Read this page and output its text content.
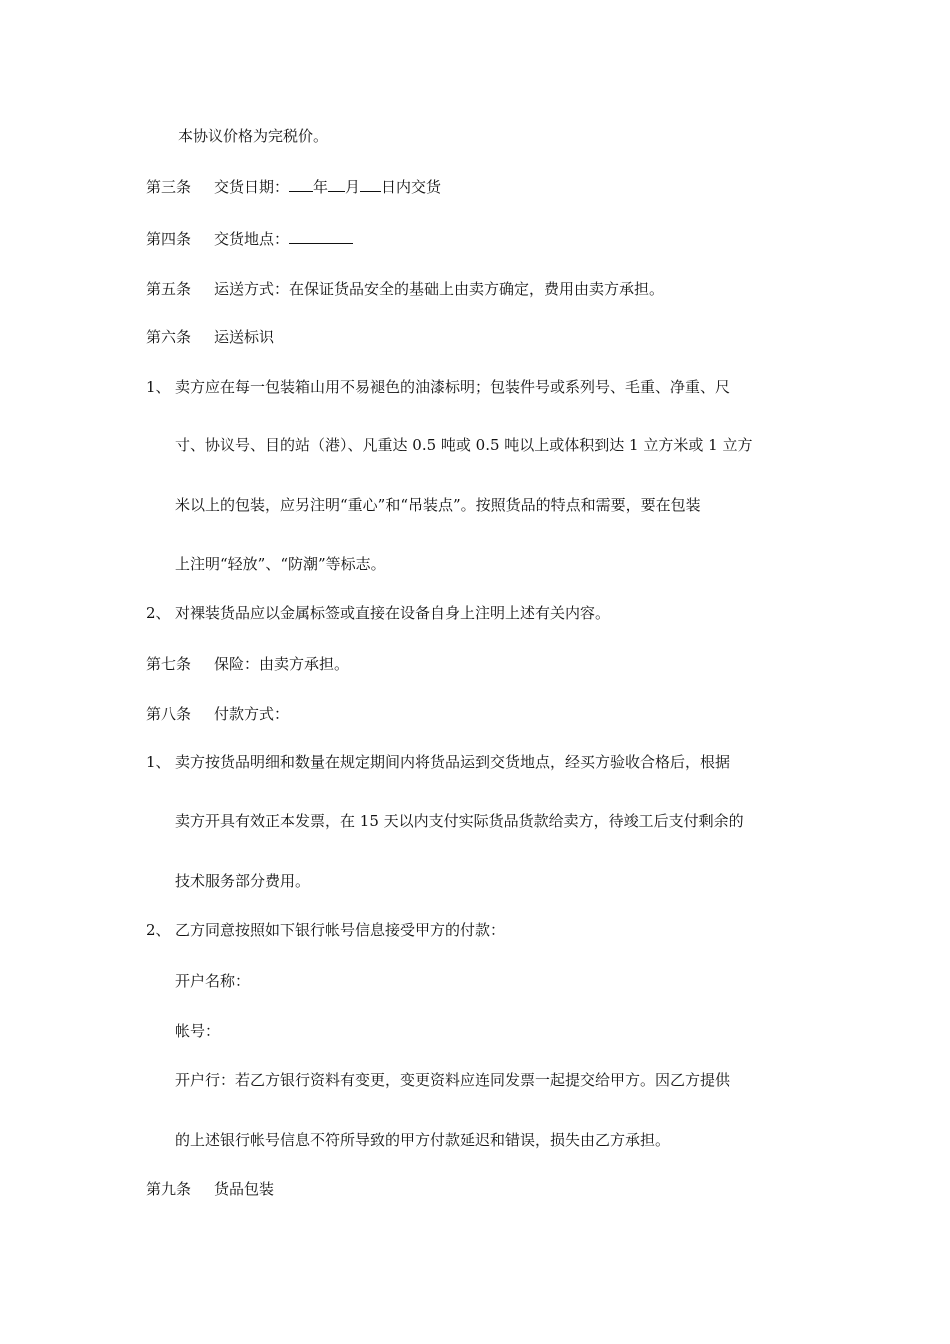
本协议价格为完税价。
第三条 交货日期： 年 月 日内交货
第四条 交货地点：
第五条 运送方式：在保证货品安全的基础上由卖方确定，费用由卖方承担。
第六条 运送标识
1、 卖方应在每一包装箱山用不易褪色的油漆标明；包装件号或系列号、毛重、净重、尺
寸、协议号、目的站（港）、凡重达 0.5 吨或 0.5 吨以上或体积到达 1 立方米或 1 立方
米以上的包装，应另注明“重心”和“吊装点”。按照货品的特点和需要，要在包装
上注明“轻放”、“防潮”等标志。
2、 对裸装货品应以金属标签或直接在设备自身上注明上述有关内容。
第七条 保险：由卖方承担。
第八条 付款方式：
1、 卖方按货品明细和数量在规定期间内将货品运到交货地点，经买方验收合格后，根据
卖方开具有效正本发票，在 15 天以内支付实际货品货款给卖方，待竣工后支付剩余的
技术服务部分费用。
2、 乙方同意按照如下银行帐号信息接受甲方的付款：
开户名称：
帐号：
开户行：若乙方银行资料有变更，变更资料应连同发票一起提交给甲方。因乙方提供
的上述银行帐号信息不符所导致的甲方付款延迟和错误，损失由乙方承担。
第九条 货品包装
